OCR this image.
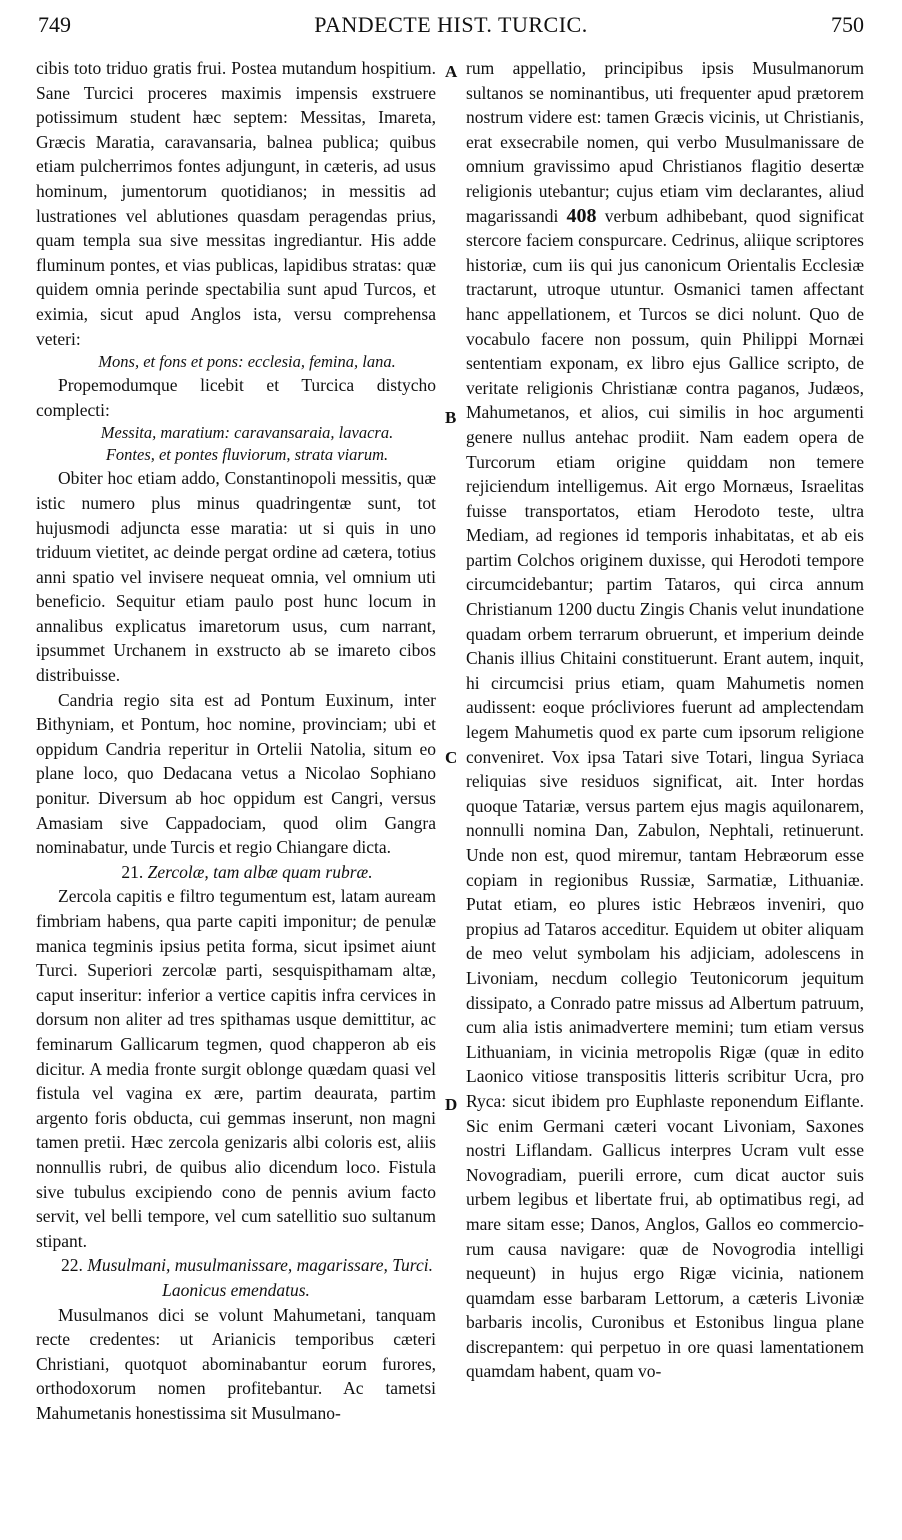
749	PANDECTE HIST. TURCIC.	750
A
B
C
D

cibis toto triduo gratis frui. Postea mutandum hospitium. Sane Turcici proceres maximis impensis exstruere potissimum student hæc septem: Messitas, Imareta, Græcis Maratia, caravansaria, balnea publica; quibus etiam pulcherrimos fontes adjungunt, in cæteris, ad usus hominum, jumentorum quotidianos; in messitis ad lustrationes vel ablutiones quasdam peragendas prius, quam templa sua sive messitas ingrediantur. His adde fluminum pontes, et vias publicas, lapidibus stratas: quæ quidem omnia perinde spectabilia sunt apud Turcos, et eximia, sicut apud Anglos ista, versu comprehensa veteri:

Mons, et fons et pons: ecclesia, femina, lana.

Propemodumque licebit et Turcica distycho complecti:

Messita, maratium: caravansaraia, lavacra.

Fontes, et pontes fluviorum, strata viarum.

Obiter hoc etiam addo, Constantinopoli messitis, quæ istic numero plus minus quadringentæ sunt, tot hujusmodi adjuncta esse maratia: ut si quis in uno triduum vietitet, ac deinde pergat ordine ad cætera, totius anni spatio vel invisere nequeat omnia, vel omnium uti beneficio. Sequitur etiam paulo post hunc locum in annalibus explicatus imaretorum usus, cum narrant, ipsummet Urchanem in exstructo ab se imareto cibos distribuisse.

Candria regio sita est ad Pontum Euxinum, inter Bithyniam, et Pontum, hoc nomine, provinciam; ubi et oppidum Candria reperitur in Ortelii Natolia, situm eo plane loco, quo Dedacana vetus a Nicolao Sophiano ponitur. Diversum ab hoc oppidum est Cangri, versus Amasiam sive Cappadociam, quod olim Gangra nominabatur, unde Turcis et regio Chiangare dicta.

21. Zercolæ, tam albæ quam rubræ.

Zercola capitis e filtro tegumentum est, latam auream fimbriam habens, qua parte capiti imponitur; de penulæ manica tegminis ipsius petita forma, sicut ipsimet aiunt Turci. Superiori zercolæ parti, sesquispithamam altæ, caput inseritur: inferior a vertice capitis infra cervices in dorsum non aliter ad tres spithamas usque demittitur, ac feminarum Gallicarum tegmen, quod chapperon ab eis dicitur. A media fronte surgit oblonge quædam quasi vel fistula vel vagina ex ære, partim deaurata, partim argento foris obducta, cui gemmas inserunt, non magni tamen pretii. Hæc zercola genizaris albi coloris est, aliis nonnullis rubri, de quibus alio dicendum loco. Fistula sive tubulus excipiendo cono de pennis avium facto servit, vel belli tempore, vel cum satellitio suo sultanum stipant.

22. Musulmani, musulmanissare, magarissare, Turci. Laonicus emendatus.

Musulmanos dici se volunt Mahumetani, tanquam recte credentes: ut Arianicis temporibus cæteri Christiani, quotquot abominabantur eorum furores, orthodoxorum nomen profitebantur. Ac tametsi Mahumetanis honestissima sit Musulmano-

rum appellatio, principibus ipsis Musulmanorum sultanos se nominantibus, uti frequenter apud prætorem nostrum videre est: tamen Græcis vicinis, ut Christianis, erat exsecrabile nomen, qui verbo Musulmanissare de omnium gravissimo apud Christianos flagitio desertæ religionis utebantur; cujus etiam vim declarantes, aliud magarissandi 408 verbum adhibebant, quod significat stercore faciem conspurcare. Cedrinus, aliique scriptores historiæ, cum iis qui jus canonicum Orientalis Ecclesiæ tractarunt, utroque utuntur. Osmanici tamen affectant hanc appellationem, et Turcos se dici nolunt. Quo de vocabulo facere non possum, quin Philippi Mornæi sententiam exponam, ex libro ejus Gallice scripto, de veritate religionis Christianæ contra paganos, Judæos, Mahumetanos, et alios, cui similis in hoc argumenti genere nullus antehac prodiit. Nam eadem opera de Turcorum etiam origine quiddam non temere rejiciendum intelligemus. Ait ergo Mornæus, Israelitas fuisse transportatos, etiam Herodoto teste, ultra Mediam, ad regiones id temporis inhabitatas, et ab eis partim Colchos originem duxisse, qui Herodoti tempore circumcidebantur; partim Tataros, qui circa annum Christianum 1200 ductu Zingis Chanis velut inundatione quadam orbem terrarum obruerunt, et imperium deinde Chanis illius Chitaini constituerunt. Erant autem, inquit, hi circumcisi prius etiam, quam Mahumetis nomen audissent: eoque prócliviores fuerunt ad amplectendam legem Mahumetis quod ex parte cum ipsorum religione conveniret. Vox ipsa Tatari sive Totari, lingua Syriaca reliquias sive residuos significat, ait. Inter hordas quoque Tatariæ, versus partem ejus magis aquilonarem, nonnulli nomina Dan, Zabulon, Nephtali, retinuerunt. Unde non est, quod miremur, tantam Hebræorum esse copiam in regionibus Russiæ, Sarmatiæ, Lithuaniæ. Putat etiam, eo plures istic Hebræos inveniri, quo propius ad Tataros acceditur. Equidem ut obiter aliquam de meo velut symbolam his adjiciam, adolescens in Livoniam, necdum collegio Teutonicorum jequitum dissipato, a Conrado patre missus ad Albertum patruum, cum alia istis animadvertere memini; tum etiam versus Lithuaniam, in vicinia metropolis Rigæ (quæ in edito Laonico vitiose transpositis litteris scribitur Ucra, pro Ryca: sicut ibidem pro Euphlaste reponendum Eiflante. Sic enim Germani cæteri vocant Livoniam, Saxones nostri Liflandam. Gallicus interpres Ucram vult esse Novogradiam, puerili errore, cum dicat auctor suis urbem legibus et libertate frui, ab optimatibus regi, ad mare sitam esse; Danos, Anglos, Gallos eo commercio-rum causa navigare: quæ de Novogrodia intelligi nequeunt) in hujus ergo Rigæ vicinia, nationem quamdam esse barbaram Lettorum, a cæteris Livoniæ barbaris incolis, Curonibus et Estonibus lingua plane discrepantem: qui perpetuo in ore quasi lamentationem quamdam habent, quam vo-
